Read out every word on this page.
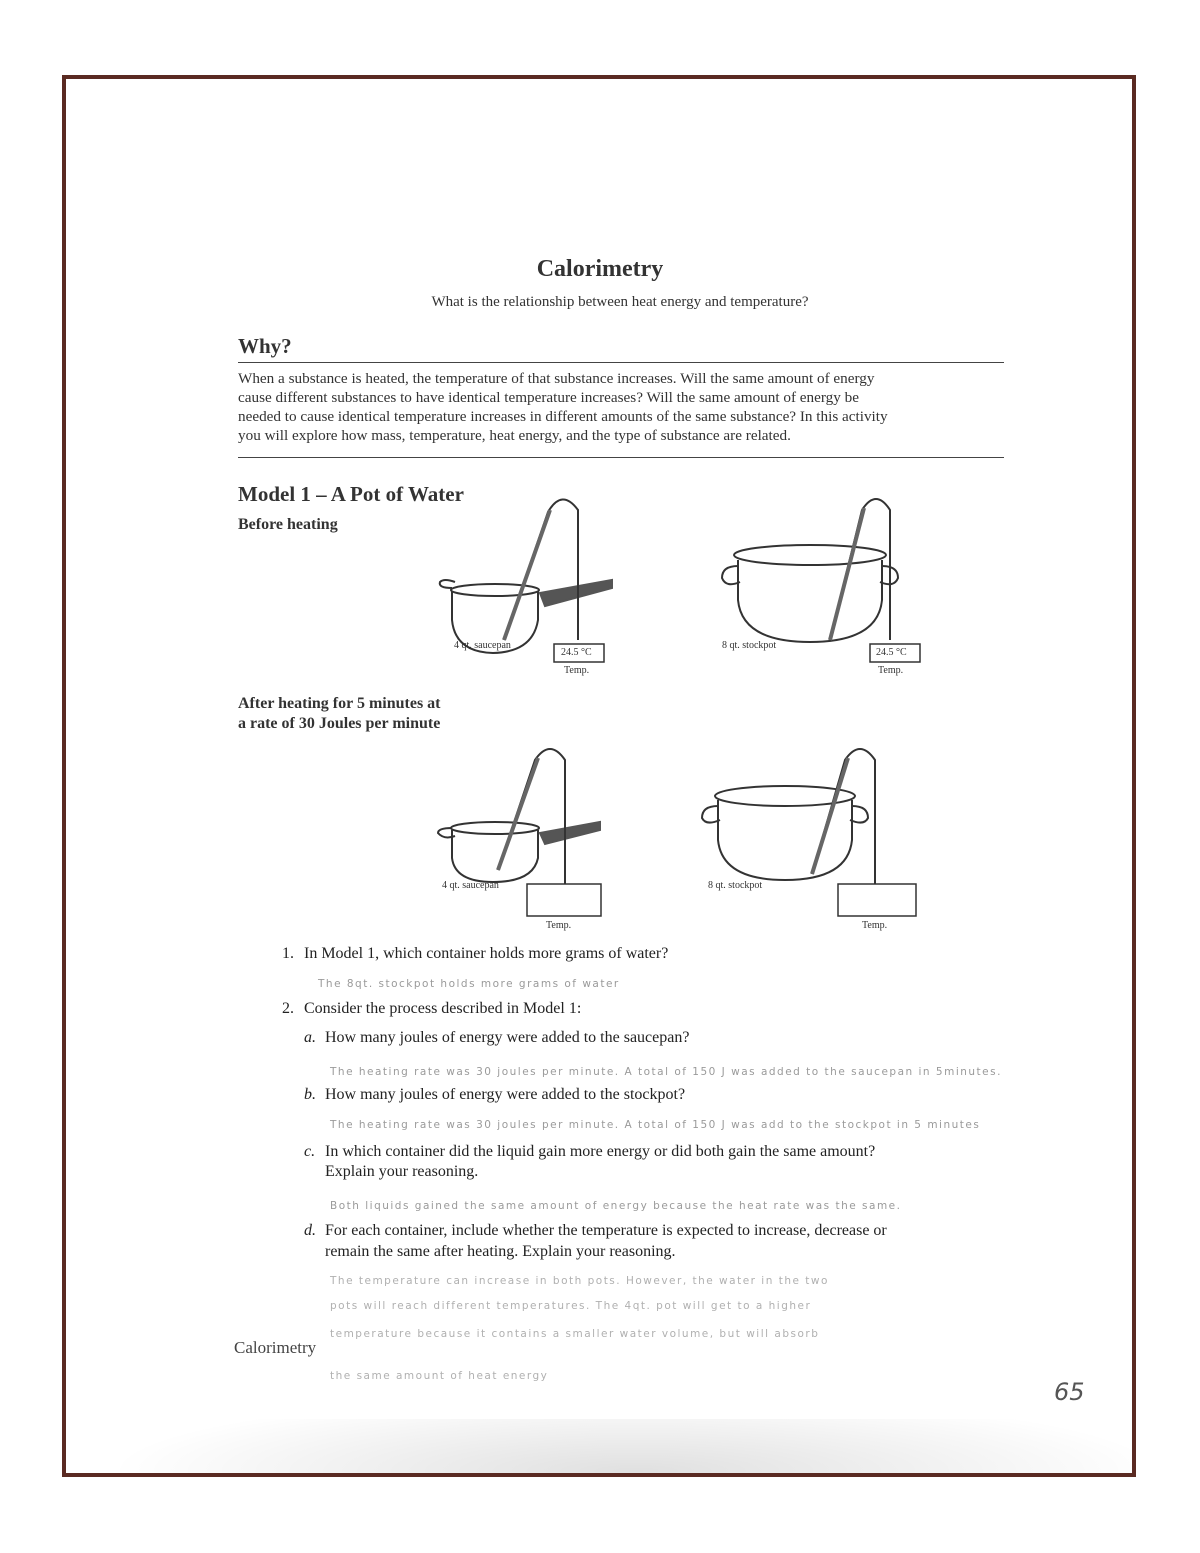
Calorimetry
What is the relationship between heat energy and temperature?
Why?
When a substance is heated, the temperature of that substance increases. Will the same amount of energy
cause different substances to have identical temperature increases? Will the same amount of energy be
needed to cause identical temperature increases in different amounts of the same substance? In this activity
you will explore how mass, temperature, heat energy, and the type of substance are related.
Model 1 – A Pot of Water
Before heating
After heating for 5 minutes at
a rate of 30 Joules per minute
4 qt. saucepan	8 qt. stockpot
24.5 °C	24.5 °C
Temp.	Temp.
4 qt. saucepan	8 qt. stockpot
Temp.	Temp.
1. In Model 1, which container holds more grams of water?
The 8qt. stockpot holds more grams of water
2. Consider the process described in Model 1:
a. How many joules of energy were added to the saucepan?
The heating rate was 30 joules per minute. A total of 150 J was added to the saucepan in 5minutes.
b. How many joules of energy were added to the stockpot?
The heating rate was 30 joules per minute. A total of 150 J was add to the stockpot in 5 minutes
c. In which container did the liquid gain more energy or did both gain the same amount?
Explain your reasoning.
Both liquids gained the same amount of energy because the heat rate was the same.
d. For each container, include whether the temperature is expected to increase, decrease or
remain the same after heating. Explain your reasoning.
The temperature can increase in both pots. However, the water in the two
pots will reach different temperatures. The 4qt. pot will get to a higher
temperature because it contains a smaller water volume, but will absorb
the same amount of heat energy
Calorimetry
65
